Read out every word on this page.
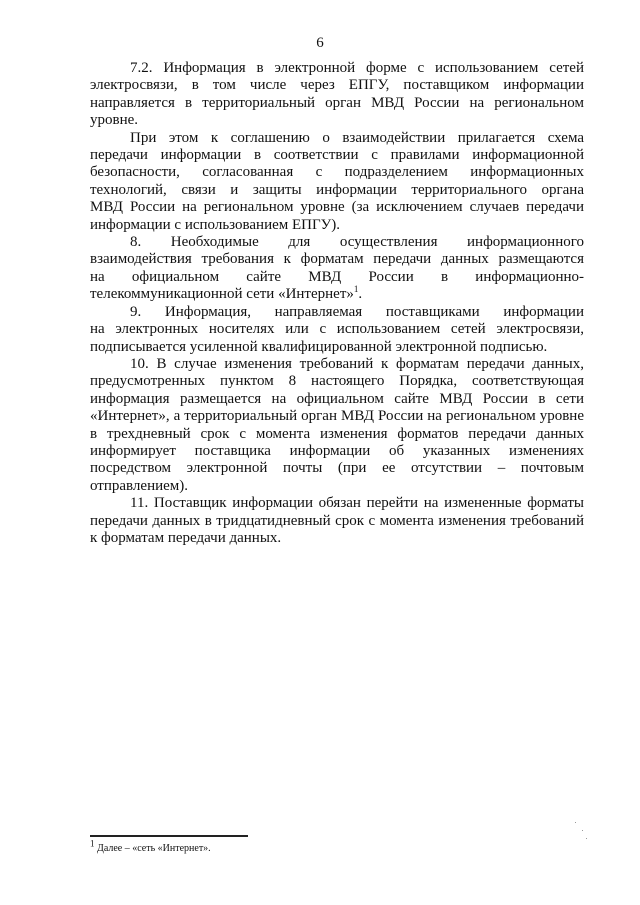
6
7.2. Информация в электронной форме с использованием сетей
электросвязи, в том числе через ЕПГУ, поставщиком информации
направляется в территориальный орган МВД России на региональном
уровне.
При этом к соглашению о взаимодействии прилагается схема
передачи информации в соответствии с правилами информационной
безопасности, согласованная с подразделением информационных
технологий, связи и защиты информации территориального органа
МВД России на региональном уровне (за исключением случаев передачи
информации с использованием ЕПГУ).
8. Необходимые для осуществления информационного
взаимодействия требования к форматам передачи данных размещаются
на официальном сайте МВД России в информационно-
телекоммуникационной сети «Интернет»$^1$.
9. Информация, направляемая поставщиками информации
на электронных носителях или с использованием сетей электросвязи,
подписывается усиленной квалифицированной электронной подписью.
10. В случае изменения требований к форматам передачи данных,
предусмотренных пунктом 8 настоящего Порядка, соответствующая
информация размещается на официальном сайте МВД России в сети
«Интернет», а территориальный орган МВД России на региональном уровне
в трехдневный срок с момента изменения форматов передачи данных
информирует поставщика информации об указанных изменениях
посредством электронной почты (при ее отсутствии – почтовым
отправлением).
11. Поставщик информации обязан перейти на измененные форматы
передачи данных в тридцатидневный срок с момента изменения требований
к форматам передачи данных.
$^1$ Далее – «сеть «Интернет».
